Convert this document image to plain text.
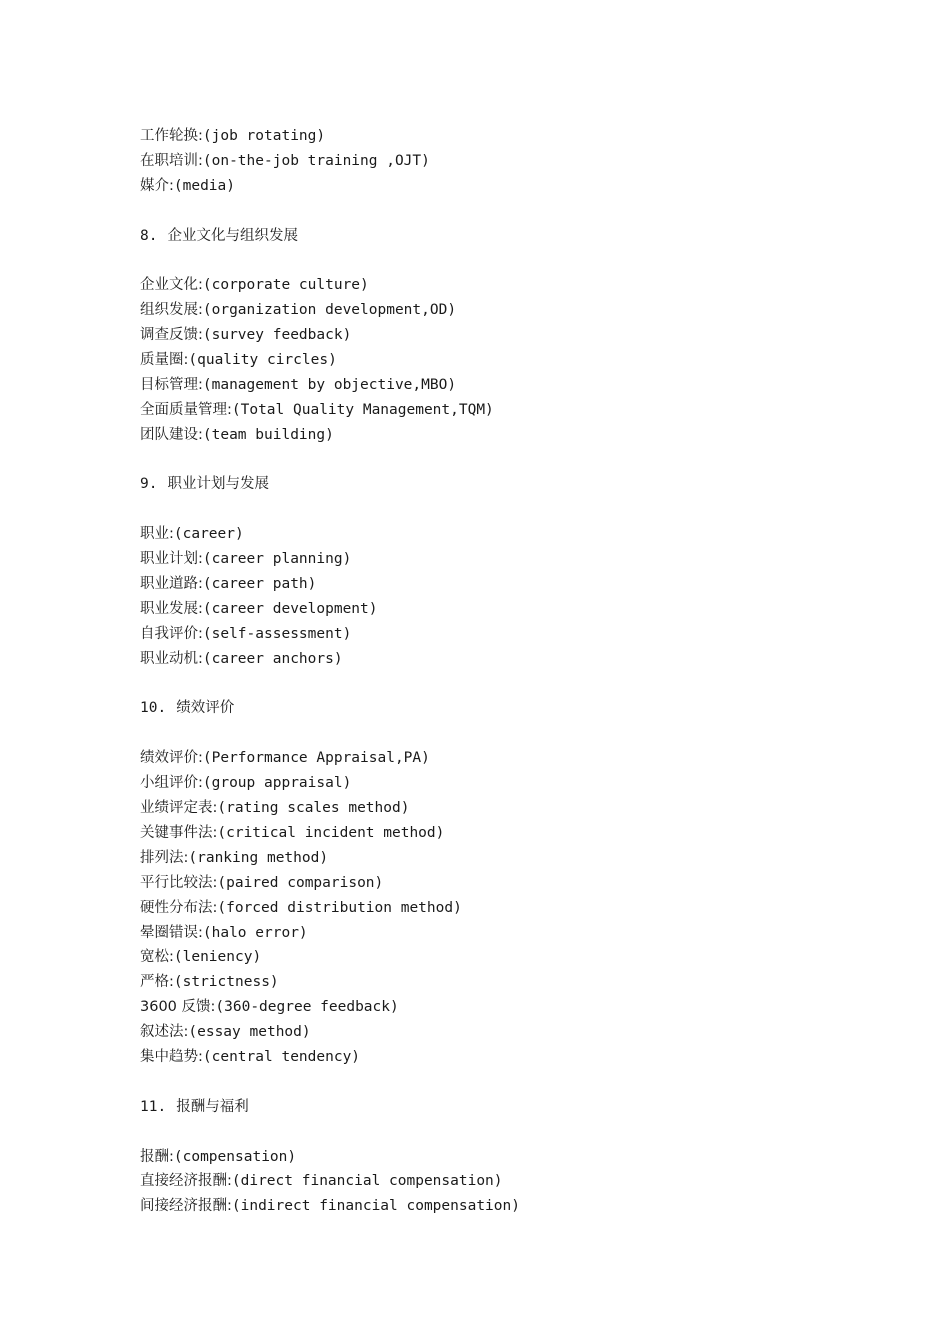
工作轮换:(job rotating)
在职培训:(on-the-job training ,OJT)
媒介:(media)
8. 企业文化与组织发展
企业文化:(corporate culture)
组织发展:(organization development,OD)
调查反馈:(survey feedback)
质量圈:(quality circles)
目标管理:(management by objective,MBO)
全面质量管理:(Total Quality Management,TQM)
团队建设:(team building)
9. 职业计划与发展
职业:(career)
职业计划:(career planning)
职业道路:(career path)
职业发展:(career development)
自我评价:(self-assessment)
职业动机:(career anchors)
10. 绩效评价
绩效评价:(Performance Appraisal,PA)
小组评价:(group appraisal)
业绩评定表:(rating scales method)
关键事件法:(critical incident method)
排列法:(ranking method)
平行比较法:(paired comparison)
硬性分布法:(forced distribution method)
晕圈错误:(halo error)
宽松:(leniency)
严格:(strictness)
3600 反馈:(360-degree feedback)
叙述法:(essay method)
集中趋势:(central tendency)
11. 报酬与福利
报酬:(compensation)
直接经济报酬:(direct financial compensation)
间接经济报酬:(indirect financial compensation)
